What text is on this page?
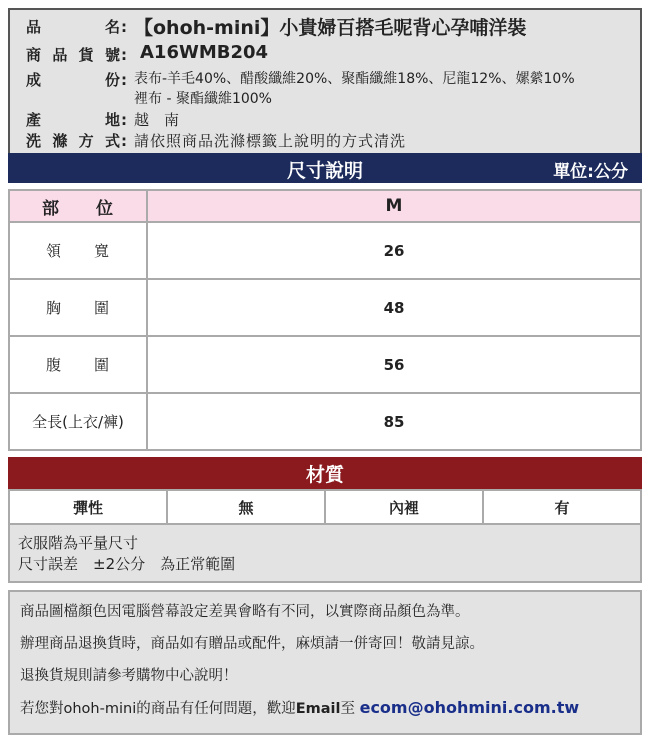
品	名: 【ohoh-mini】小貴婦百搭毛呢背心孕哺洋裝
商 品 貨 號: A16WMB204
成	份: 表布-羊毛40%、醋酸纖維20%、聚酯纖維18%、尼龍12%、嫘縈10%
裡布 - 聚酯纖維100%
產	地: 越　南
洗 滌 方 式: 請依照商品洗滌標籤上說明的方式清洗
尺寸說明	單位:公分
部　　位	M
領　　寬	26
胸　　圍	48
腹　　圍	56
全長(上衣/褲)	85
材質
彈性	無	內裡	有
衣服階為平量尺寸
尺寸誤差　±2公分　為正常範圍
商品圖檔顏色因電腦營幕設定差異會略有不同，以實際商品顏色為準。
辦理商品退換貨時，商品如有贈品或配件，麻煩請一併寄回！敬請見諒。
退換貨規則請參考購物中心說明！
若您對ohoh-mini的商品有任何問題，歡迎Email至 ecom@ohohmini.com.tw
